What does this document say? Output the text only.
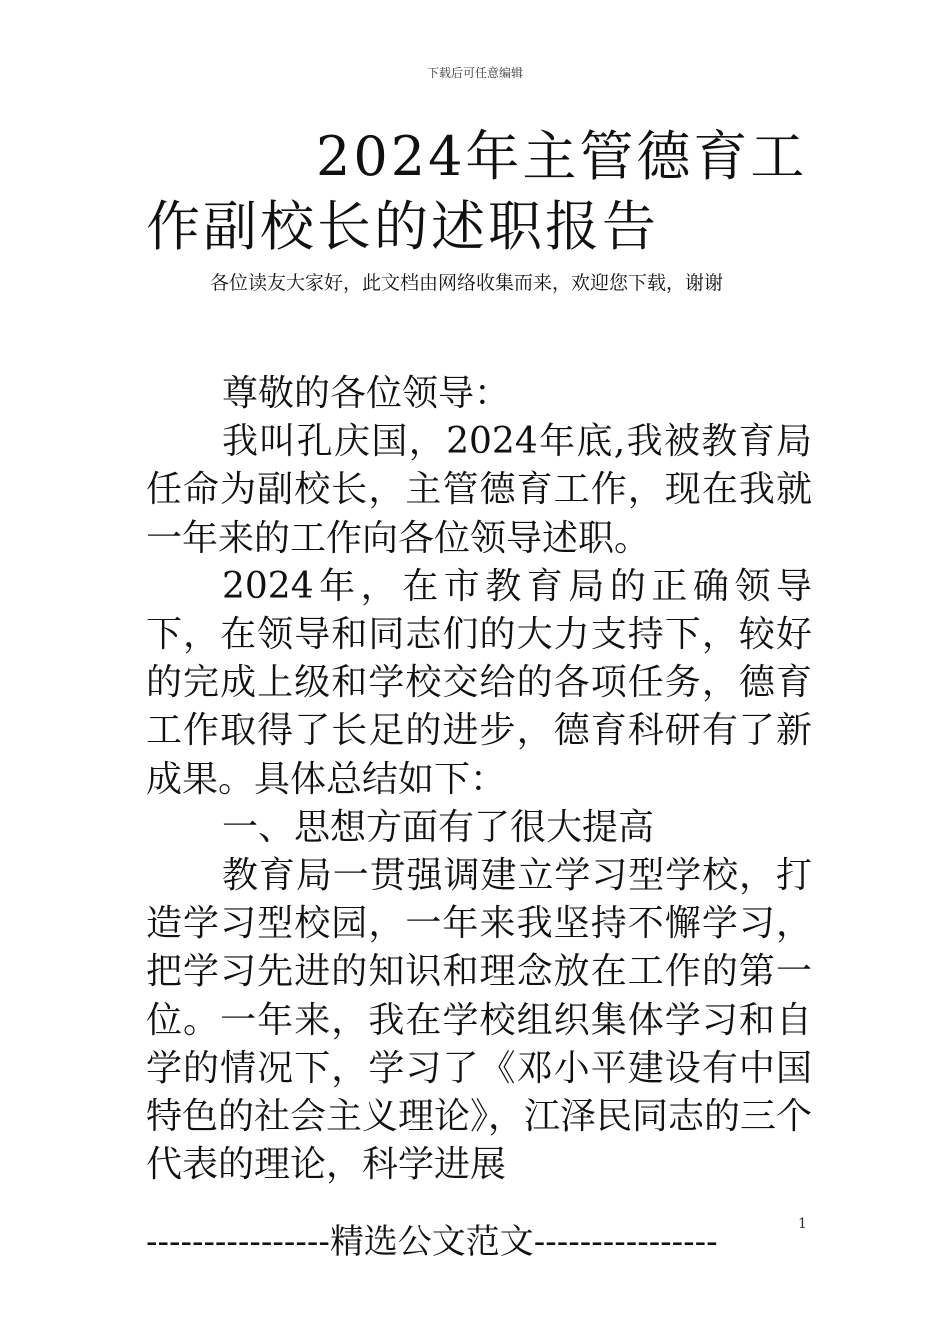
下载后可任意编辑
2024年主管德育工作副校长的述职报告

各位读友大家好，此文档由网络收集而来，欢迎您下载，谢谢

尊敬的各位领导：

我叫孔庆国，2024年底,我被教育局任命为副校长，主管德育工作，现在我就一年来的工作向各位领导述职。

2024年，在市教育局的正确领导下，在领导和同志们的大力支持下，较好的完成上级和学校交给的各项任务，德育工作取得了长足的进步，德育科研有了新成果。具体总结如下：

一、思想方面有了很大提高

教育局一贯强调建立学习型学校，打造学习型校园，一年来我坚持不懈学习，把学习先进的知识和理念放在工作的第一位。一年来，我在学校组织集体学习和自学的情况下，学习了《邓小平建设有中国特色的社会主义理论》，江泽民同志的三个代表的理论，科学进展

----------------精选公文范文----------------	1
